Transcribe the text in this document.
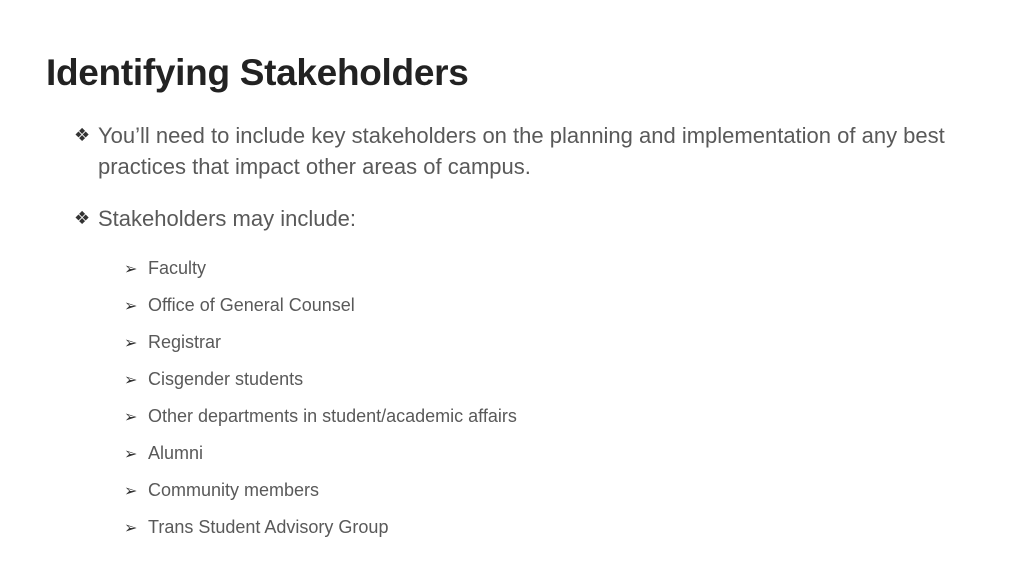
Identifying Stakeholders
❖ You’ll need to include key stakeholders on the planning and implementation of any best practices that impact other areas of campus.
❖ Stakeholders may include:
➢ Faculty
➢ Office of General Counsel
➢ Registrar
➢ Cisgender students
➢ Other departments in student/academic affairs
➢ Alumni
➢ Community members
➢ Trans Student Advisory Group
